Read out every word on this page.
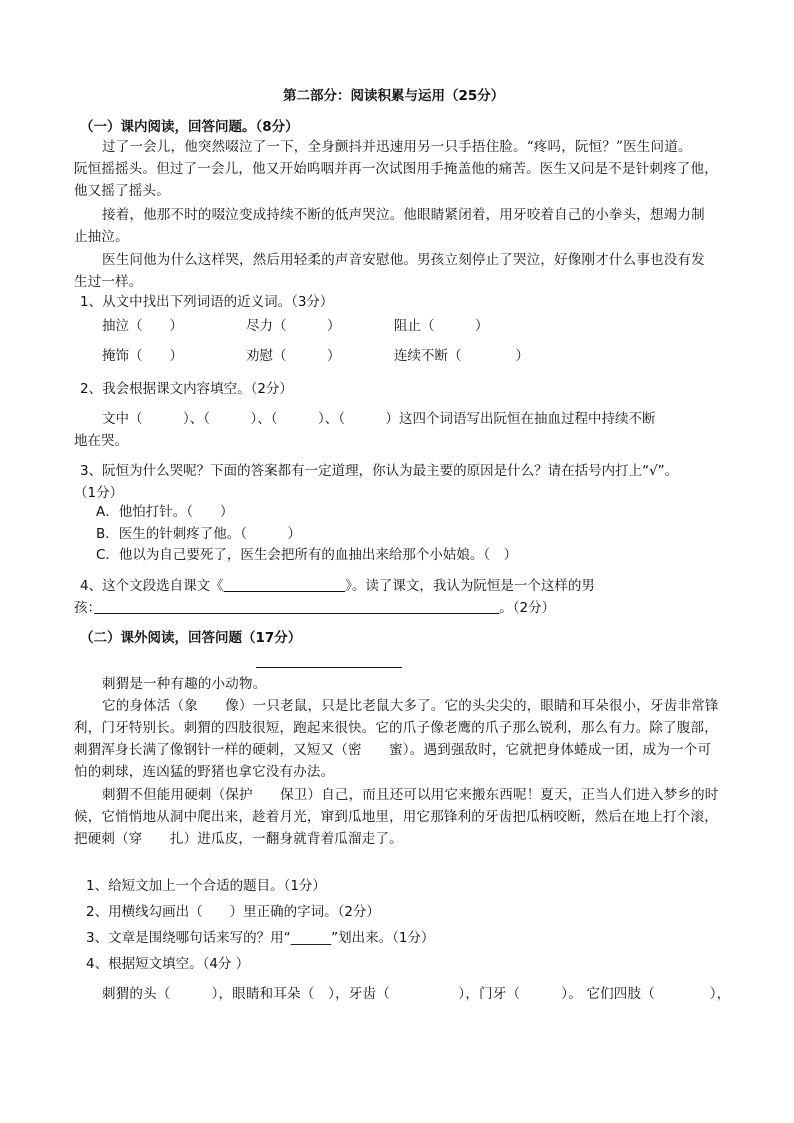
第二部分：阅读积累与运用（25分）
（一）课内阅读，回答问题。（8分）
过了一会儿，他突然啜泣了一下，全身颤抖并迅速用另一只手捂住脸。“疼吗，阮恒？”医生问道。
阮恒摇摇头。但过了一会儿，他又开始呜咽并再一次试图用手掩盖他的痛苦。医生又问是不是针刺疼了他，
他又摇了摇头。
接着，他那不时的啜泣变成持续不断的低声哭泣。他眼睛紧闭着，用牙咬着自己的小拳头，想竭力制
止抽泣。
医生问他为什么这样哭，然后用轻柔的声音安慰他。男孩立刻停止了哭泣，好像刚才什么事也没有发
生过一样。
1、从文中找出下列词语的近义词。（3分）
抽泣（　　）	尽力（　　　）	阻止（　　　）
掩饰（　　）	劝慰（　　　）	连续不断（　　　　）
2、我会根据课文内容填空。（2分）
文中（　　　）、（　　　）、（　　　）、（　　　）这四个词语写出阮恒在抽血过程中持续不断
地在哭。
3、阮恒为什么哭呢？下面的答案都有一定道理，你认为最主要的原因是什么？请在括号内打上“√”。
（1分）
A．他怕打针。（　　）
B．医生的针刺疼了他。（　　　）
C．他以为自己要死了，医生会把所有的血抽出来给那个小姑娘。（　）
4、这个文段选自课文《　　　　　　　　　	》。读了课文，我认为阮恒是一个这样的男
孩：　　　　　　　　　　　　　　　　　　　　　　　　　　　　　　	。（2分）
（二）课外阅读，回答问题（17分）
刺猬是一种有趣的小动物。
它的身体活（象　　像）一只老鼠，只是比老鼠大多了。它的头尖尖的，眼睛和耳朵很小，牙齿非常锋
利，门牙特别长。刺猬的四肢很短，跑起来很快。它的爪子像老鹰的爪子那么锐利，那么有力。除了腹部，
刺猬浑身长满了像钢针一样的硬刺，又短又（密　　蜜）。遇到强敌时，它就把身体蜷成一团，成为一个可
怕的刺球，连凶猛的野猪也拿它没有办法。
刺猬不但能用硬刺（保护　　保卫）自己，而且还可以用它来搬东西呢！夏天，正当人们进入梦乡的时
候，它悄悄地从洞中爬出来，趁着月光，窜到瓜地里，用它那锋利的牙齿把瓜柄咬断，然后在地上打个滚，
把硬刺（穿　　扎）进瓜皮，一翻身就背着瓜溜走了。
1、给短文加上一个合适的题目。（1分）
2、用横线勾画出（　　）里正确的字词。（2分）
3、文章是围绕哪句话来写的？用“______”划出来。（1分）
4、根据短文填空。（4分 ）
刺猬的头（　　　），眼睛和耳朵（　），牙齿（　　　　　），门牙（　　　）。 它们四肢（　　　　），
